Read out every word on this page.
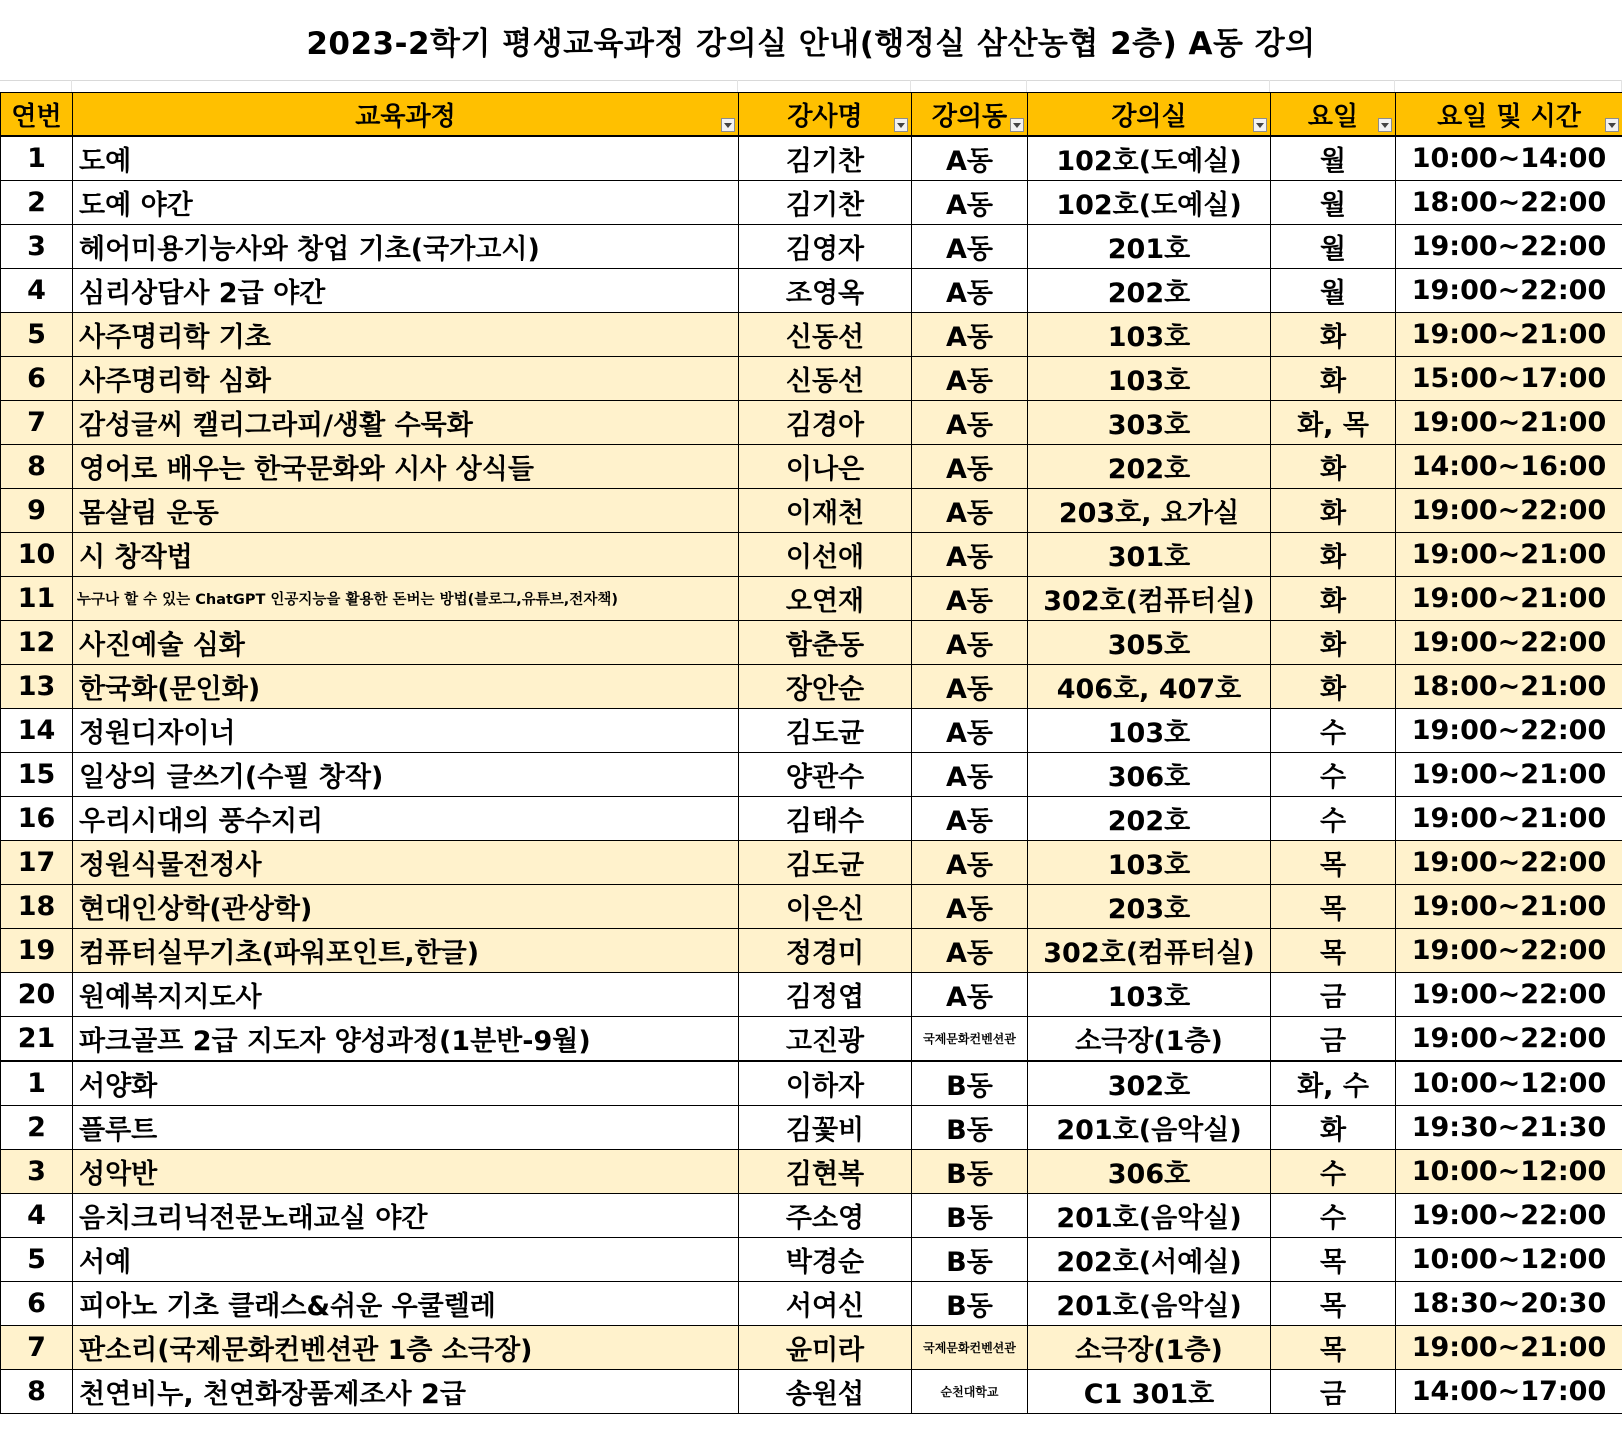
2023-2학기 평생교육과정 강의실 안내(행정실 삼산농협 2층) A동 강의
연번	교육과정	강사명	강의동	강의실	요일	요일 및 시간

1	도예	김기찬	A동	102호(도예실)	월	10:00~14:00
2	도예 야간	김기찬	A동	102호(도예실)	월	18:00~22:00
3	헤어미용기능사와 창업 기초(국가고시)	김영자	A동	201호	월	19:00~22:00
4	심리상담사 2급 야간	조영옥	A동	202호	월	19:00~22:00
5	사주명리학 기초	신동선	A동	103호	화	19:00~21:00
6	사주명리학 심화	신동선	A동	103호	화	15:00~17:00
7	감성글씨 캘리그라피/생활 수묵화	김경아	A동	303호	화, 목	19:00~21:00
8	영어로 배우는 한국문화와 시사 상식들	이나은	A동	202호	화	14:00~16:00
9	몸살림 운동	이재천	A동	203호, 요가실	화	19:00~22:00
10	시 창작법	이선애	A동	301호	화	19:00~21:00
11	누구나 할 수 있는 ChatGPT 인공지능을 활용한 돈버는 방법(블로그,유튜브,전자책)	오연재	A동	302호(컴퓨터실)	화	19:00~21:00
12	사진예술 심화	함춘동	A동	305호	화	19:00~22:00
13	한국화(문인화)	장안순	A동	406호, 407호	화	18:00~21:00
14	정원디자이너	김도균	A동	103호	수	19:00~22:00
15	일상의 글쓰기(수필 창작)	양관수	A동	306호	수	19:00~21:00
16	우리시대의 풍수지리	김태수	A동	202호	수	19:00~21:00
17	정원식물전정사	김도균	A동	103호	목	19:00~22:00
18	현대인상학(관상학)	이은신	A동	203호	목	19:00~21:00
19	컴퓨터실무기초(파워포인트,한글)	정경미	A동	302호(컴퓨터실)	목	19:00~22:00
20	원예복지지도사	김정엽	A동	103호	금	19:00~22:00
21	파크골프 2급 지도자 양성과정(1분반-9월)	고진광	국제문화컨벤션관	소극장(1층)	금	19:00~22:00
1	서양화	이하자	B동	302호	화, 수	10:00~12:00
2	플루트	김꽃비	B동	201호(음악실)	화	19:30~21:30
3	성악반	김현복	B동	306호	수	10:00~12:00
4	음치크리닉전문노래교실 야간	주소영	B동	201호(음악실)	수	19:00~22:00
5	서예	박경순	B동	202호(서예실)	목	10:00~12:00
6	피아노 기초 클래스&쉬운 우쿨렐레	서여신	B동	201호(음악실)	목	18:30~20:30
7	판소리(국제문화컨벤션관 1층 소극장)	윤미라	국제문화컨벤션관	소극장(1층)	목	19:00~21:00
8	천연비누, 천연화장품제조사 2급	송원섭	순천대학교	C1 301호	금	14:00~17:00
